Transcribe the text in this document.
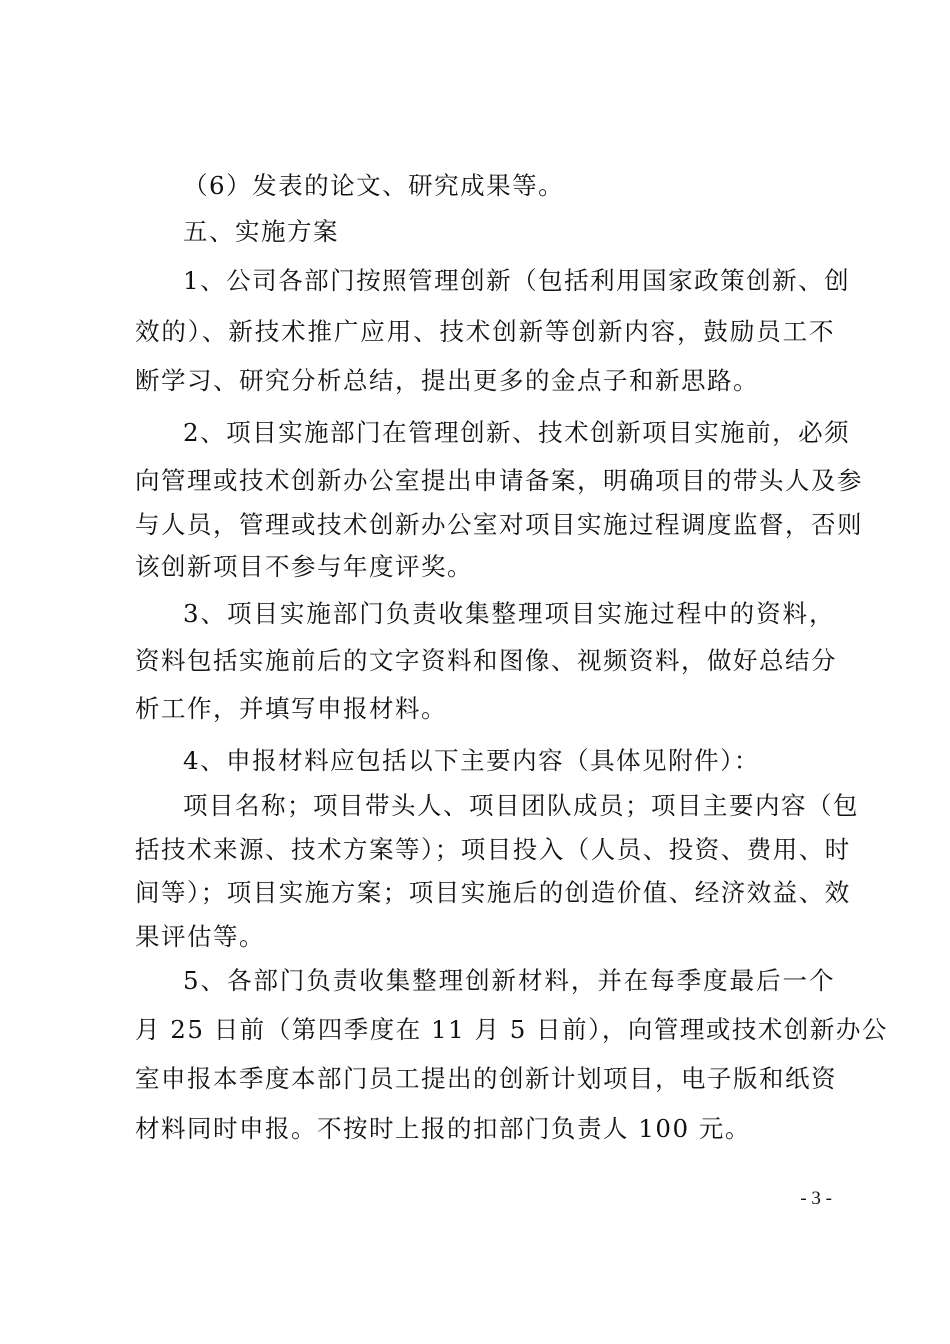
（6）发表的论文、研究成果等。
五、实施方案
1、公司各部门按照管理创新（包括利用国家政策创新、创
效的）、新技术推广应用、技术创新等创新内容，鼓励员工不
断学习、研究分析总结，提出更多的金点子和新思路。
2、项目实施部门在管理创新、技术创新项目实施前，必须
向管理或技术创新办公室提出申请备案，明确项目的带头人及参
与人员，管理或技术创新办公室对项目实施过程调度监督，否则
该创新项目不参与年度评奖。
3、项目实施部门负责收集整理项目实施过程中的资料，
资料包括实施前后的文字资料和图像、视频资料，做好总结分
析工作，并填写申报材料。
4、申报材料应包括以下主要内容（具体见附件）：
项目名称；项目带头人、项目团队成员；项目主要内容（包
括技术来源、技术方案等）；项目投入（人员、投资、费用、时
间等）；项目实施方案；项目实施后的创造价值、经济效益、效
果评估等。
5、各部门负责收集整理创新材料，并在每季度最后一个
月 25 日前（第四季度在 11 月 5 日前），向管理或技术创新办公
室申报本季度本部门员工提出的创新计划项目，电子版和纸资
材料同时申报。不按时上报的扣部门负责人 100 元。
- 3 -
